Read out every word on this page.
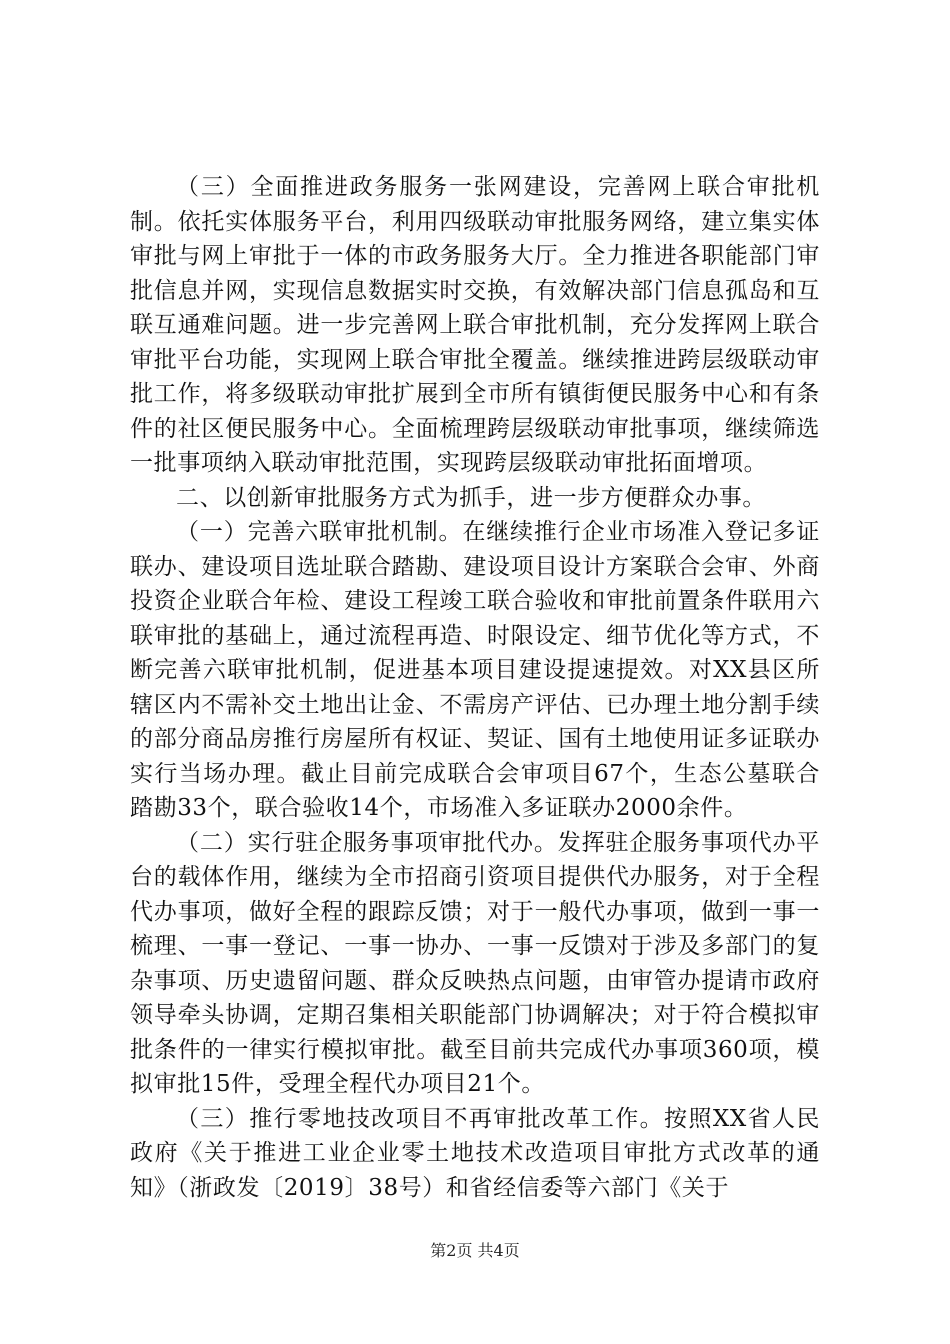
（三）全面推进政务服务一张网建设，完善网上联合审批机制。依托实体服务平台，利用四级联动审批服务网络，建立集实体审批与网上审批于一体的市政务服务大厅。全力推进各职能部门审批信息并网，实现信息数据实时交换，有效解决部门信息孤岛和互联互通难问题。进一步完善网上联合审批机制，充分发挥网上联合审批平台功能，实现网上联合审批全覆盖。继续推进跨层级联动审批工作，将多级联动审批扩展到全市所有镇街便民服务中心和有条件的社区便民服务中心。全面梳理跨层级联动审批事项，继续筛选一批事项纳入联动审批范围，实现跨层级联动审批拓面增项。

二、以创新审批服务方式为抓手，进一步方便群众办事。

（一）完善六联审批机制。在继续推行企业市场准入登记多证联办、建设项目选址联合踏勘、建设项目设计方案联合会审、外商投资企业联合年检、建设工程竣工联合验收和审批前置条件联用六联审批的基础上，通过流程再造、时限设定、细节优化等方式，不断完善六联审批机制，促进基本项目建设提速提效。对XX县区所辖区内不需补交土地出让金、不需房产评估、已办理土地分割手续的部分商品房推行房屋所有权证、契证、国有土地使用证多证联办实行当场办理。截止目前完成联合会审项目67个，生态公墓联合踏勘33个，联合验收14个，市场准入多证联办2000余件。

（二）实行驻企服务事项审批代办。发挥驻企服务事项代办平台的载体作用，继续为全市招商引资项目提供代办服务，对于全程代办事项，做好全程的跟踪反馈；对于一般代办事项，做到一事一梳理、一事一登记、一事一协办、一事一反馈对于涉及多部门的复杂事项、历史遗留问题、群众反映热点问题，由审管办提请市政府领导牵头协调，定期召集相关职能部门协调解决；对于符合模拟审批条件的一律实行模拟审批。截至目前共完成代办事项360项，模拟审批15件，受理全程代办项目21个。

（三）推行零地技改项目不再审批改革工作。按照XX省人民政府《关于推进工业企业零土地技术改造项目审批方式改革的通知》（浙政发〔2019〕38号）和省经信委等六部门《关于

第2页 共4页
